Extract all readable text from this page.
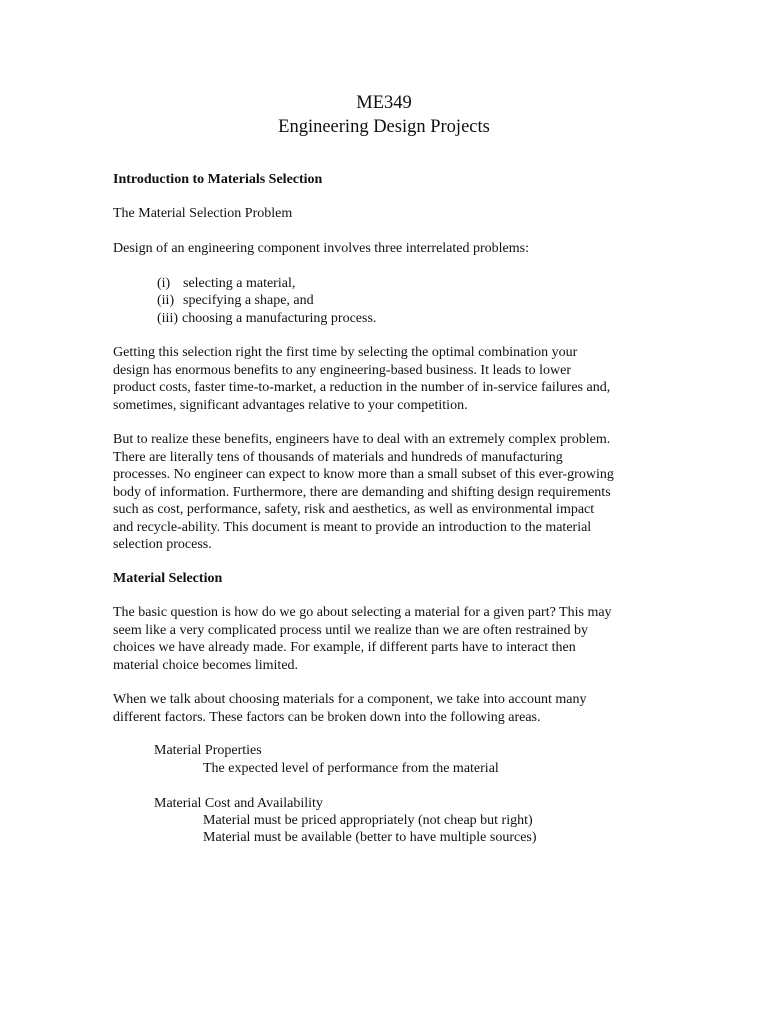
ME349
Engineering Design Projects
Introduction to Materials Selection
The Material Selection Problem
Design of an engineering component involves three interrelated problems:
(i) selecting a material,
(ii) specifying a shape, and
(iii) choosing a manufacturing process.
Getting this selection right the first time by selecting the optimal combination your
design has enormous benefits to any engineering-based business. It leads to lower
product costs, faster time-to-market, a reduction in the number of in-service failures and,
sometimes, significant advantages relative to your competition.
But to realize these benefits, engineers have to deal with an extremely complex problem.
There are literally tens of thousands of materials and hundreds of manufacturing
processes. No engineer can expect to know more than a small subset of this ever-growing
body of information. Furthermore, there are demanding and shifting design requirements
such as cost, performance, safety, risk and aesthetics, as well as environmental impact
and recycle-ability. This document is meant to provide an introduction to the material
selection process.
Material Selection
The basic question is how do we go about selecting a material for a given part? This may
seem like a very complicated process until we realize than we are often restrained by
choices we have already made. For example, if different parts have to interact then
material choice becomes limited.
When we talk about choosing materials for a component, we take into account many
different factors. These factors can be broken down into the following areas.
Material Properties
The expected level of performance from the material
Material Cost and Availability
Material must be priced appropriately (not cheap but right)
Material must be available (better to have multiple sources)
